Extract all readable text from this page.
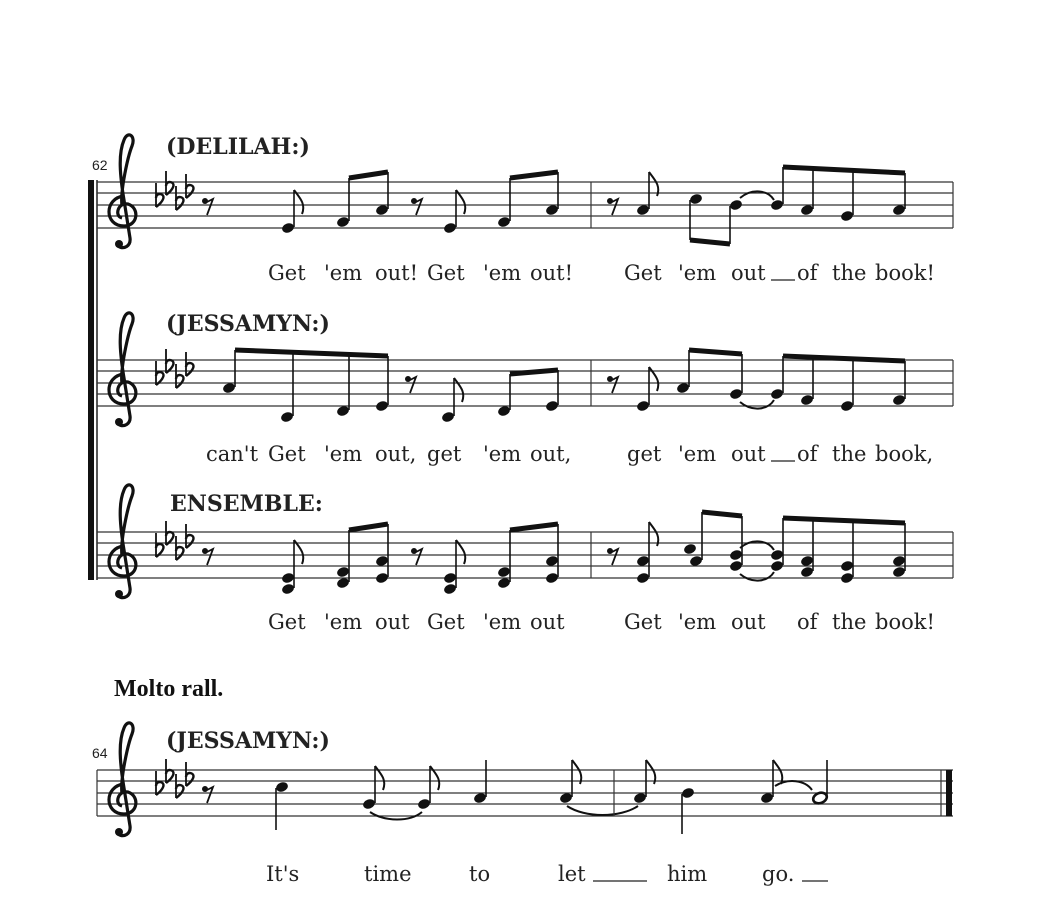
62
(DELILAH:)
Get 'em out! Get 'em out! Get 'em out of the book!
(JESSAMYN:)
can't Get 'em out, get 'em out,	get 'em out of the book,
ENSEMBLE:
Get 'em out Get 'em out	Get 'em out of the book!
Molto rall.
64	(JESSAMYN:)
It's	time	to	let	him	go.
